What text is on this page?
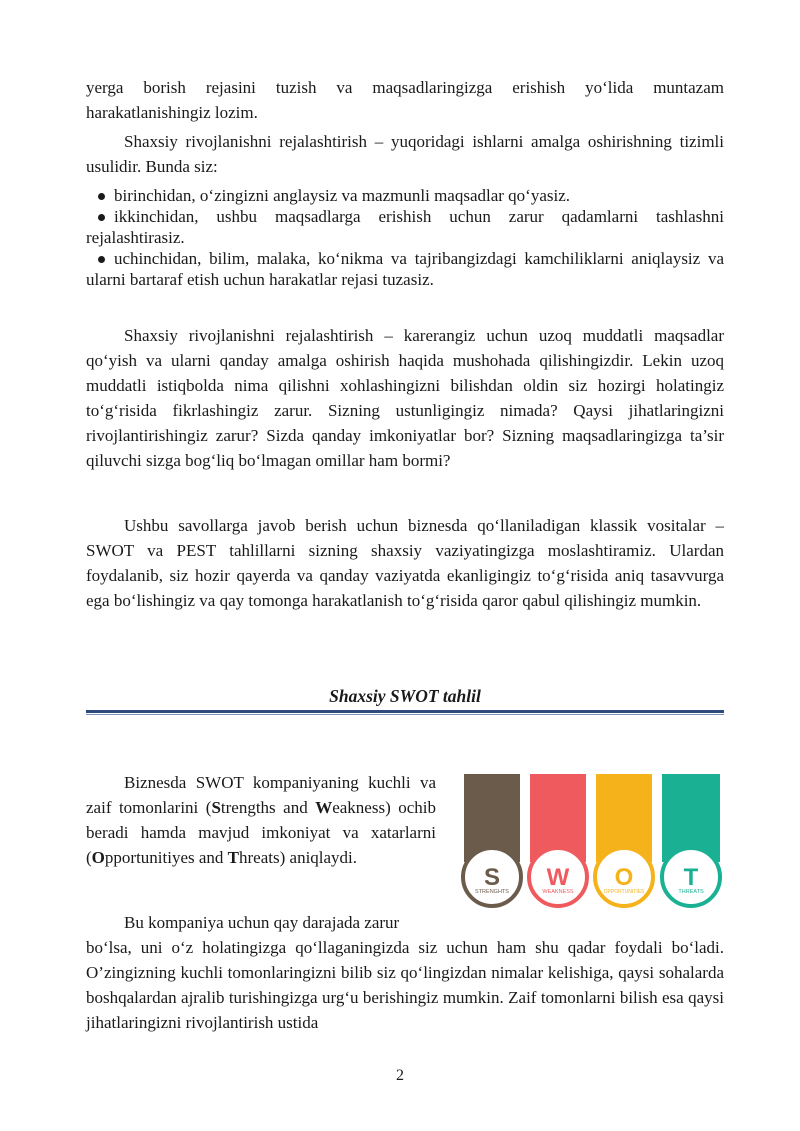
yerga borish rejasini tuzish va maqsadlaringizga erishish yo‘lida muntazam harakatlanishingiz lozim.

Shaxsiy rivojlanishni rejalashtirish – yuqoridagi ishlarni amalga oshirishning tizimli usulidir. Bunda siz:

birinchidan, o‘zingizni anglaysiz va mazmunli maqsadlar qo‘yasiz.
ikkinchidan, ushbu maqsadlarga erishish uchun zarur qadamlarni tashlashni rejalashtirasiz.
uchinchidan, bilim, malaka, ko‘nikma va tajribangizdagi kamchiliklarni aniqlaysiz va ularni bartaraf etish uchun harakatlar rejasi tuzasiz.

Shaxsiy rivojlanishni rejalashtirish – karerangiz uchun uzoq muddatli maqsadlar qo‘yish va ularni qanday amalga oshirish haqida mushohada qilishingizdir. Lekin uzoq muddatli istiqbolda nima qilishni xohlashingizni bilishdan oldin siz hozirgi holatingiz to‘g‘risida fikrlashingiz zarur. Sizning ustunligingiz nimada? Qaysi jihatlaringizni rivojlantirishingiz zarur? Sizda qanday imkoniyatlar bor? Sizning maqsadlaringizga ta’sir qiluvchi sizga bog‘liq bo‘lmagan omillar ham bormi?

Ushbu savollarga javob berish uchun biznesda qo‘llaniladigan klassik vositalar – SWOT va PEST tahlillarni sizning shaxsiy vaziyatingizga moslashtiramiz. Ulardan foydalanib, siz hozir qayerda va qanday vaziyatda ekanligingiz to‘g‘risida aniq tasavvurga ega bo‘lishingiz va qay tomonga harakatlanish to‘g‘risida qaror qabul qilishingiz mumkin.

Shaxsiy SWOT tahlil

Biznesda SWOT kompaniyaning kuchli va zaif tomonlarini (Strengths and Weakness) ochib beradi hamda mavjud imkoniyat va xatarlarni (Opportunitiyes and Threats) aniqlaydi.

S
STRENGHTS
W
WEAKNESS
O
OPPORTUNITIES
T
THREATS

Bu kompaniya uchun qay darajada zarur

bo‘lsa, uni o‘z holatingizga qo‘llaganingizda siz uchun ham shu qadar foydali bo‘ladi. O’zingizning kuchli tomonlaringizni bilib siz qo‘lingizdan nimalar kelishiga, qaysi sohalarda boshqalardan ajralib turishingizga urg‘u berishingiz mumkin. Zaif tomonlarni bilish esa qaysi jihatlaringizni rivojlantirish ustida

2
